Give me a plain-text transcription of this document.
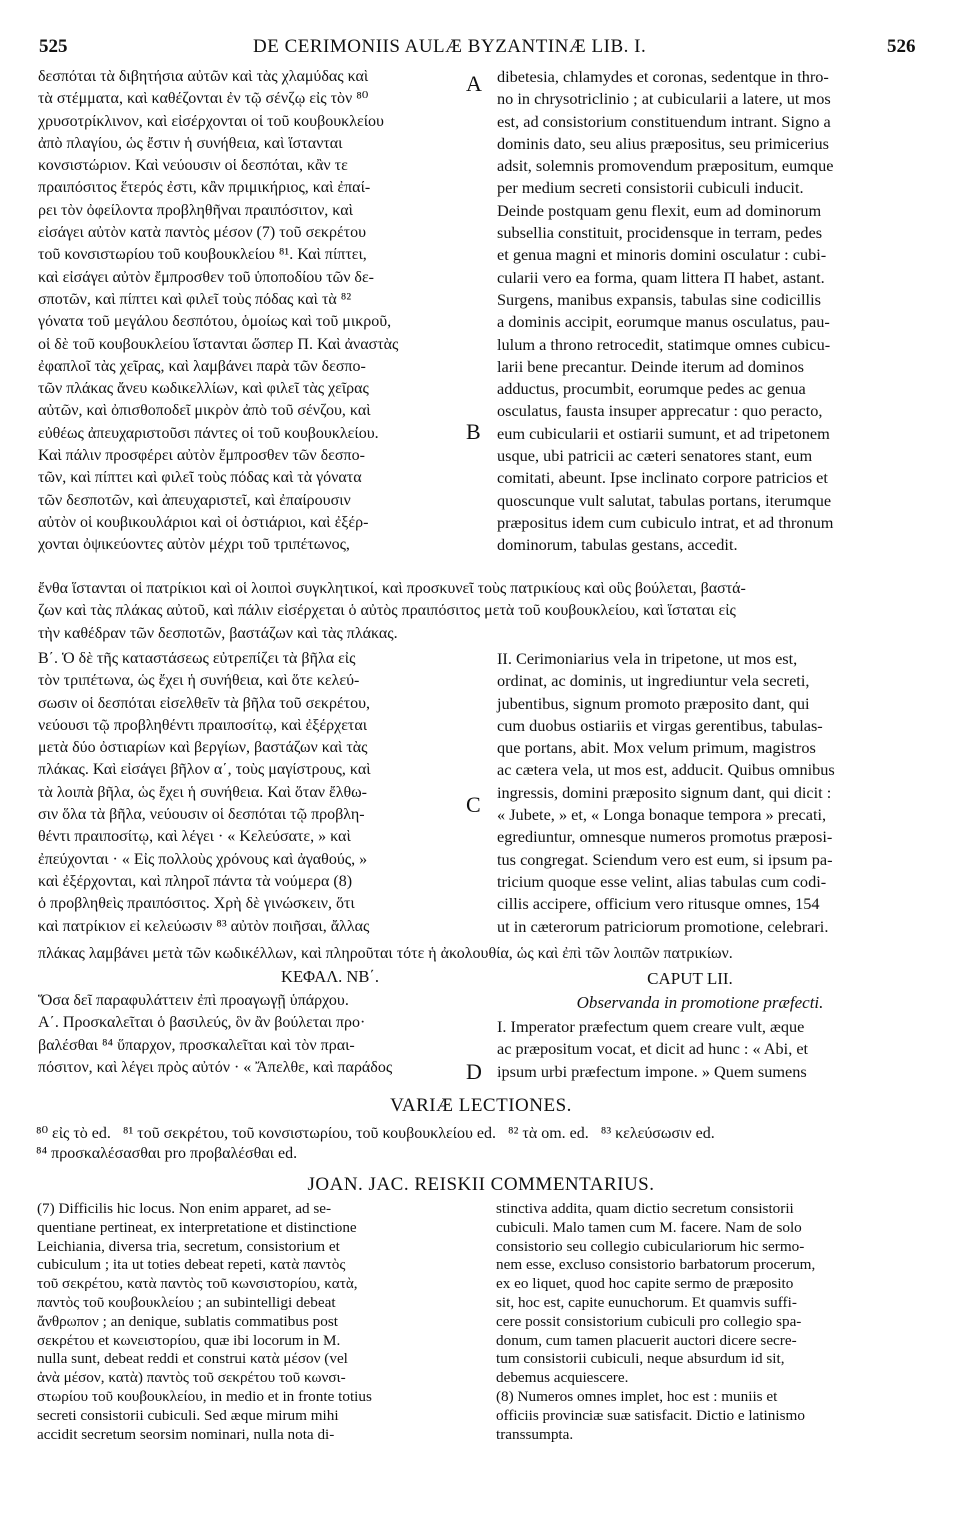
525	DE CERIMONIIS AULÆ BYZANTINÆ LIB. I.	526
A
B
C
D
δεσπόται τὰ διβητήσια αὐτῶν καὶ τὰς χλαμύδας καὶ
τὰ στέμματα, καὶ καθέζονται ἐν τῷ σένζῳ εἰς τὸν ⁸⁰
χρυσοτρίκλινον, καὶ εἰσέρχονται οἱ τοῦ κουβουκλείου
ἀπὸ πλαγίου, ὡς ἔστιν ἡ συνήθεια, καὶ ἵστανται
κονσιστώριον. Καὶ νεύουσιν οἱ δεσπόται, κἂν τε
πραιπόσιτος ἕτερός ἐστι, κἂν πριμικήριος, καὶ ἐπαί-
ρει τὸν ὀφείλοντα προβληθῆναι πραιπόσιτον, καὶ
εἰσάγει αὐτὸν κατὰ παντὸς μέσον (7) τοῦ σεκρέτου
τοῦ κονσιστωρίου τοῦ κουβουκλείου ⁸¹. Καὶ πίπτει,
καὶ εἰσάγει αὐτὸν ἔμπροσθεν τοῦ ὑποποδίου τῶν δε-
σποτῶν, καὶ πίπτει καὶ φιλεῖ τοὺς πόδας καὶ τὰ ⁸²
γόνατα τοῦ μεγάλου δεσπότου, ὁμοίως καὶ τοῦ μικροῦ,
οἱ δὲ τοῦ κουβουκλείου ἵστανται ὥσπερ Π. Καὶ ἀναστὰς
ἐφαπλοῖ τὰς χεῖρας, καὶ λαμβάνει παρὰ τῶν δεσπο-
τῶν πλάκας ἄνευ κωδικελλίων, καὶ φιλεῖ τὰς χεῖρας
αὐτῶν, καὶ ὀπισθοποδεῖ μικρὸν ἀπὸ τοῦ σένζου, καὶ
εὐθέως ἀπευχαριστοῦσι πάντες οἱ τοῦ κουβουκλείου.
Καὶ πάλιν προσφέρει αὐτὸν ἔμπροσθεν τῶν δεσπο-
τῶν, καὶ πίπτει καὶ φιλεῖ τοὺς πόδας καὶ τὰ γόνατα
τῶν δεσποτῶν, καὶ ἀπευχαριστεῖ, καὶ ἐπαίρουσιν
αὐτὸν οἱ κουβικουλάριοι καὶ οἱ ὀστιάριοι, καὶ ἐξέρ-
χονται ὀψικεύοντες αὐτὸν μέχρι τοῦ τριπέτωνος,
dibetesia, chlamydes et coronas, sedentque in thro-
no in chrysotriclinio ; at cubicularii a latere, ut mos
est, ad consistorium constituendum intrant. Signo a
dominis dato, seu alius præpositus, seu primicerius
adsit, solemnis promovendum præpositum, eumque
per medium secreti consistorii cubiculi inducit.
Deinde postquam genu flexit, eum ad dominorum
subsellia constituit, procidensque in terram, pedes
et genua magni et minoris domini osculatur : cubi-
cularii vero ea forma, quam littera Π habet, astant.
Surgens, manibus expansis, tabulas sine codicillis
a dominis accipit, eorumque manus osculatus, pau-
lulum a throno retrocedit, statimque omnes cubicu-
larii bene precantur. Deinde iterum ad dominos
adductus, procumbit, eorumque pedes ac genua
osculatus, fausta insuper apprecatur : quo peracto,
eum cubicularii et ostiarii sumunt, et ad tripetonem
usque, ubi patricii ac cæteri senatores stant, eum
comitati, abeunt. Ipse inclinato corpore patricios et
quoscunque vult salutat, tabulas portans, iterumque
præpositus idem cum cubiculo intrat, et ad thronum
dominorum, tabulas gestans, accedit.
ἔνθα ἵστανται οἱ πατρίκιοι καὶ οἱ λοιποὶ συγκλητικοί, καὶ προσκυνεῖ τοὺς πατρικίους καὶ οὓς βούλεται, βαστά-
ζων καὶ τὰς πλάκας αὐτοῦ, καὶ πάλιν εἰσέρχεται ὁ αὐτὸς πραιπόσιτος μετὰ τοῦ κουβουκλείου, καὶ ἵσταται εἰς
τὴν καθέδραν τῶν δεσποτῶν, βαστάζων καὶ τὰς πλάκας.
Β΄. Ὁ δὲ τῆς καταστάσεως εὐτρεπίζει τὰ βῆλα εἰς
τὸν τριπέτωνα, ὡς ἔχει ἡ συνήθεια, καὶ ὅτε κελεύ-
σωσιν οἱ δεσπόται εἰσελθεῖν τὰ βῆλα τοῦ σεκρέτου,
νεύουσι τῷ προβληθέντι πραιποσίτῳ, καὶ ἐξέρχεται
μετὰ δύο ὀστιαρίων καὶ βεργίων, βαστάζων καὶ τὰς
πλάκας. Καὶ εἰσάγει βῆλον α΄, τοὺς μαγίστρους, καὶ
τὰ λοιπὰ βῆλα, ὡς ἔχει ἡ συνήθεια. Καὶ ὅταν ἔλθω-
σιν ὅλα τὰ βῆλα, νεύουσιν οἱ δεσπόται τῷ προβλη-
θέντι πραιποσίτῳ, καὶ λέγει · « Κελεύσατε, » καὶ
ἐπεύχονται · « Εἰς πολλοὺς χρόνους καὶ ἀγαθούς, »
καὶ ἐξέρχονται, καὶ πληροῖ πάντα τὰ νούμερα (8)
ὁ προβληθεὶς πραιπόσιτος. Χρὴ δὲ γινώσκειν, ὅτι
καὶ πατρίκιον εἰ κελεύωσιν ⁸³ αὐτὸν ποιῆσαι, ἄλλας
II. Cerimoniarius vela in tripetone, ut mos est,
ordinat, ac dominis, ut ingrediuntur vela secreti,
jubentibus, signum promoto præposito dant, qui
cum duobus ostiariis et virgas gerentibus, tabulas-
que portans, abit. Mox velum primum, magistros
ac cætera vela, ut mos est, adducit. Quibus omnibus
ingressis, domini præposito signum dant, qui dicit :
« Jubete, » et, « Longa bonaque tempora » precati,
egrediuntur, omnesque numeros promotus præposi-
tus congregat. Sciendum vero est eum, si ipsum pa-
tricium quoque esse velint, alias tabulas cum codi-
cillis accipere, officium vero ritusque omnes, 154
ut in cæterorum patriciorum promotione, celebrari.
πλάκας λαμβάνει μετὰ τῶν κωδικέλλων, καὶ πληροῦται τότε ἡ ἀκολουθία, ὡς καὶ ἐπὶ τῶν λοιπῶν πατρικίων.
ΚΕΦΑΛ. ΝΒ΄.	CAPUT LII.
Observanda in promotione præfecti.
Ὅσα δεῖ παραφυλάττειν ἐπὶ προαγωγῇ ὑπάρχου.
Α΄. Προσκαλεῖται ὁ βασιλεύς, ὃν ἂν βούλεται προ·
βαλέσθαι ⁸⁴ ὕπαρχον, προσκαλεῖται καὶ τὸν πραι-
πόσιτον, καὶ λέγει πρὸς αὐτόν · « Ἄπελθε, καὶ παράδος
I. Imperator præfectum quem creare vult, æque
ac præpositum vocat, et dicit ad hunc : « Abi, et
ipsum urbi præfectum impone. » Quem sumens
VARIÆ LECTIONES.
⁸⁰ εἰς τὸ ed.   ⁸¹ τοῦ σεκρέτου, τοῦ κονσιστωρίου, τοῦ κουβουκλείου ed.   ⁸² τὰ om. ed.   ⁸³ κελεύσωσιν ed.
⁸⁴ προσκαλέσασθαι pro προβαλέσθαι ed.
JOAN. JAC. REISKII COMMENTARIUS.
(7) Difficilis hic locus. Non enim apparet, ad se-
quentiane pertineat, ex interpretatione et distinctione
Leichiania, diversa tria, secretum, consistorium et
cubiculum ; ita ut toties debeat repeti, κατὰ παντὸς
τοῦ σεκρέτου, κατὰ παντὸς τοῦ κωνσιστορίου, κατὰ,
παντὸς τοῦ κουβουκλείου ; an subintelligi debeat
ἄνθρωπον ; an denique, sublatis commatibus post
σεκρέτου et κωνειστορίου, quæ ibi locorum in M.
nulla sunt, debeat reddi et construi κατὰ μέσον (vel
ἀνὰ μέσον, κατὰ) παντὸς τοῦ σεκρέτου τοῦ κωνσι-
στωρίου τοῦ κουβουκλείου, in medio et in fronte totius
secreti consistorii cubiculi. Sed æque mirum mihi
accidit secretum seorsim nominari, nulla nota di-
stinctiva addita, quam dictio secretum consistorii
cubiculi. Malo tamen cum M. facere. Nam de solo
consistorio seu collegio cubiculariorum hic sermo-
nem esse, excluso consistorio barbatorum procerum,
ex eo liquet, quod hoc capite sermo de præposito
sit, hoc est, capite eunuchorum. Et quamvis suffi-
cere possit consistorium cubiculi pro collegio spa-
donum, cum tamen placuerit auctori dicere secre-
tum consistorii cubiculi, neque absurdum id sit,
debemus acquiescere.
(8) Numeros omnes implet, hoc est : muniis et
officiis provinciæ suæ satisfacit. Dictio e latinismo
transsumpta.
